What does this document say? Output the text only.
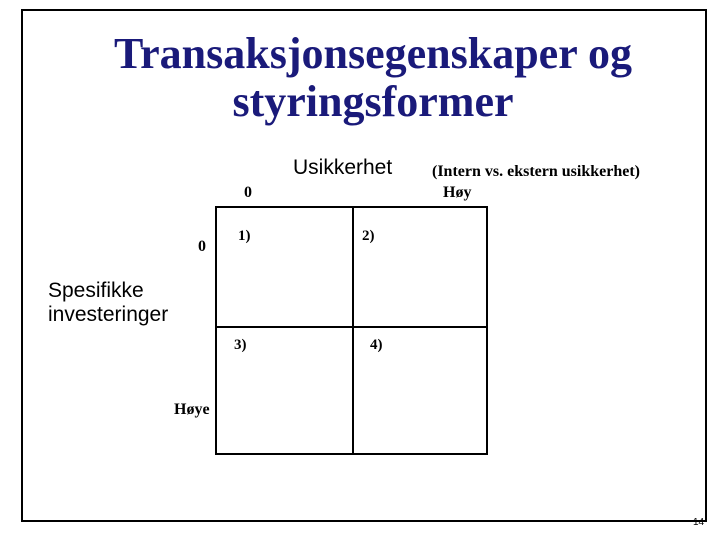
Transaksjonsegenskaper og
styringsformer
Usikkerhet (Intern vs. ekstern usikkerhet)
0	Høy
0
Spesifikke
investeringer
Høye
1)	2)
3)	4)
14
